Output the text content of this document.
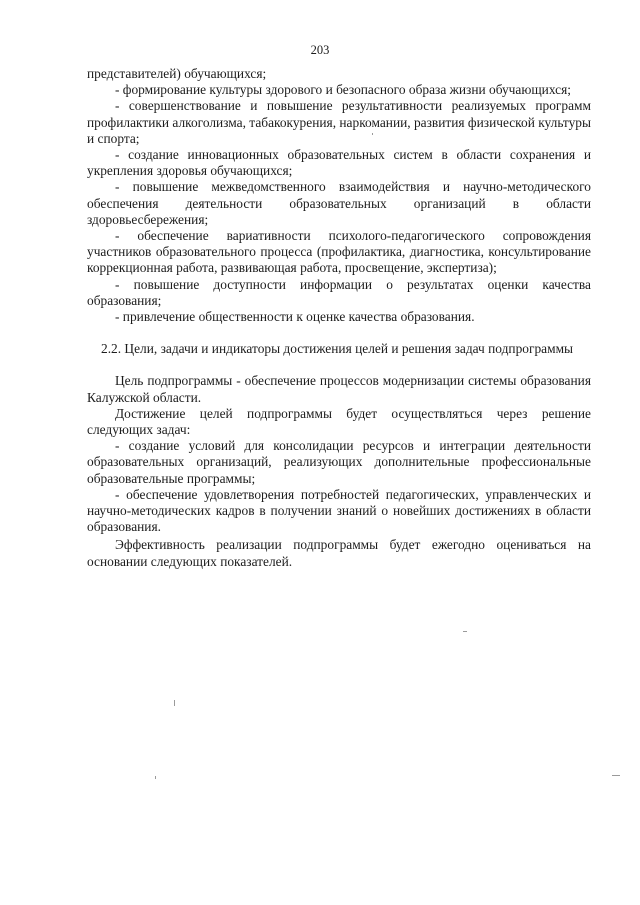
203

представителей) обучающихся;

- формирование культуры здорового и безопасного образа жизни обучающихся;

- совершенствование и повышение результативности реализуемых программ профилактики алкоголизма, табакокурения, наркомании, развития физической культуры и спорта;

- создание инновационных образовательных систем в области сохранения и укрепления здоровья обучающихся;

- повышение межведомственного взаимодействия и научно-методического обеспечения деятельности образовательных организаций в области здоровьесбережения;

- обеспечение вариативности психолого-педагогического сопровождения участников образовательного процесса (профилактика, диагностика, консультирование коррекционная работа, развивающая работа, просвещение, экспертиза);

- повышение доступности информации о результатах оценки качества образования;

- привлечение общественности к оценке качества образования.

2.2. Цели, задачи и индикаторы достижения целей и решения задач подпрограммы

Цель подпрограммы - обеспечение процессов модернизации системы образования Калужской области.

Достижение целей подпрограммы будет осуществляться через решение следующих задач:

- создание условий для консолидации ресурсов и интеграции деятельности образовательных организаций, реализующих дополнительные профессиональные образовательные программы;

- обеспечение удовлетворения потребностей педагогических, управленческих и научно-методических кадров в получении знаний о новейших достижениях в области образования.

Эффективность реализации подпрограммы будет ежегодно оцениваться на основании следующих показателей.
